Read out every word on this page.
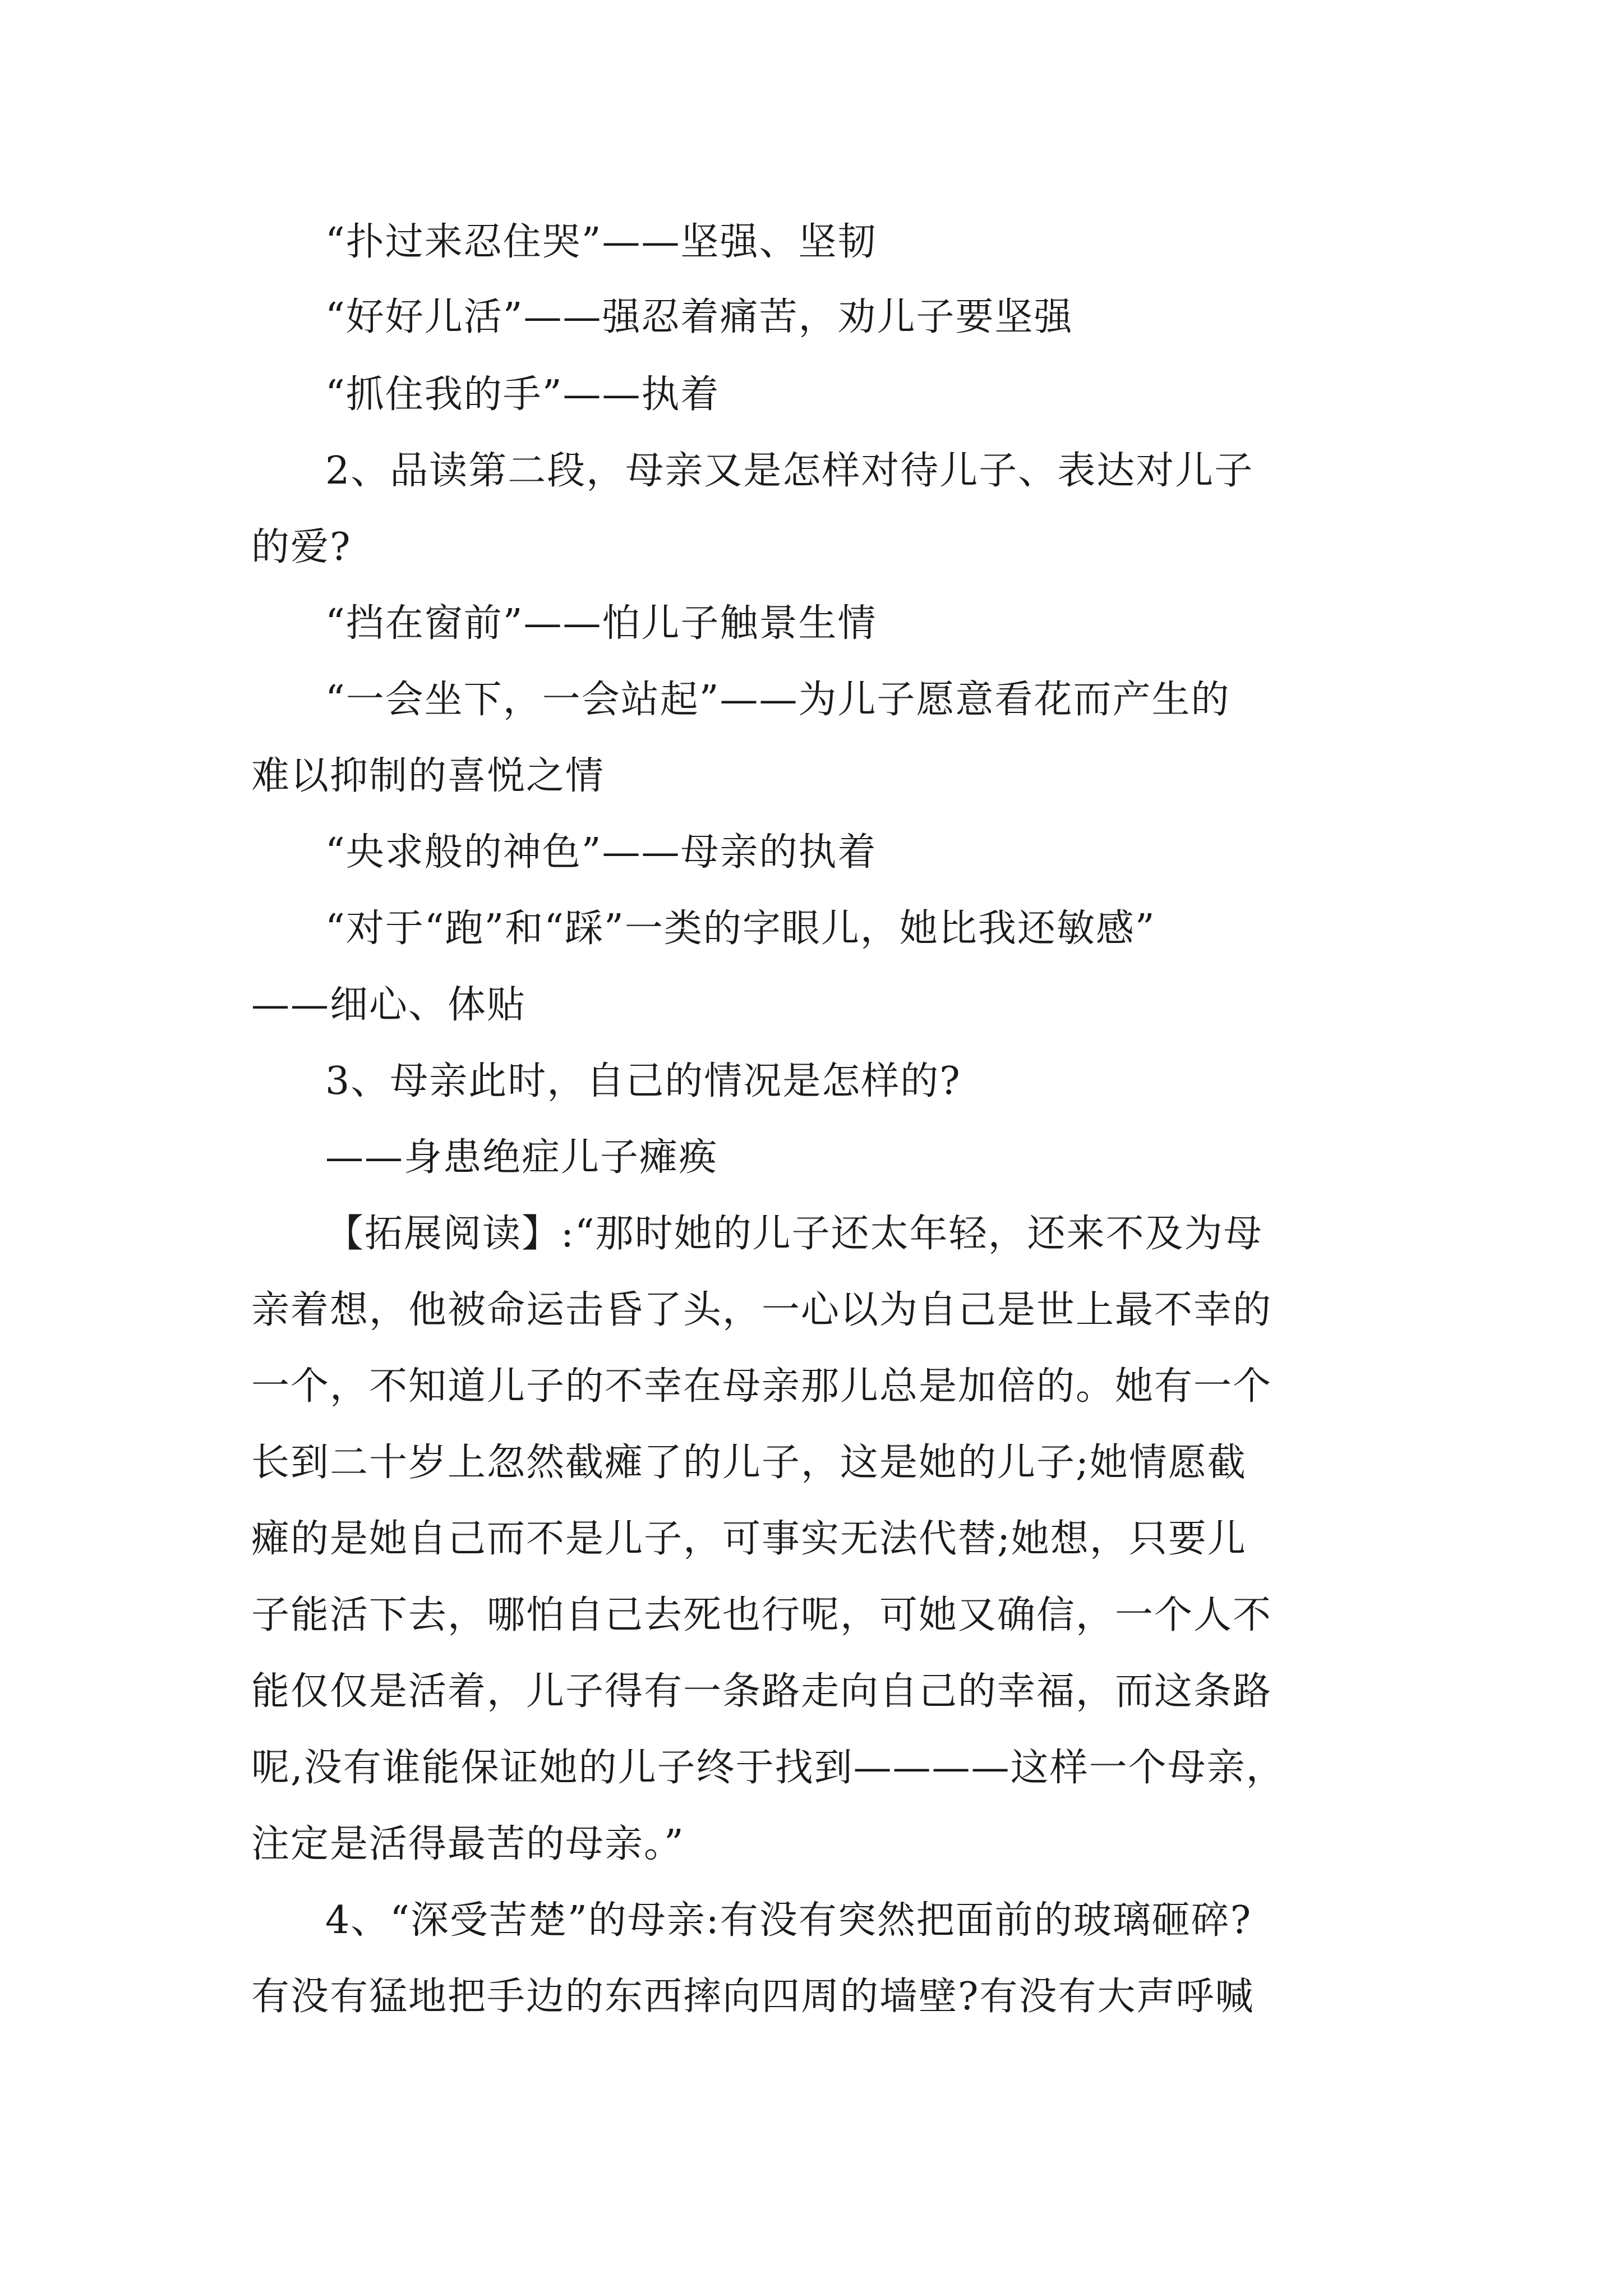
“扑过来忍住哭”——坚强、坚韧
“好好儿活”——强忍着痛苦，劝儿子要坚强
“抓住我的手”——执着
2、品读第二段，母亲又是怎样对待儿子、表达对儿子
的爱?
“挡在窗前”——怕儿子触景生情
“一会坐下，一会站起”——为儿子愿意看花而产生的
难以抑制的喜悦之情
“央求般的神色”——母亲的执着
“对于“跑”和“踩”一类的字眼儿，她比我还敏感”
——细心、体贴
3、母亲此时，自己的情况是怎样的?
——身患绝症儿子瘫痪
【拓展阅读】:“那时她的儿子还太年轻，还来不及为母
亲着想，他被命运击昏了头，一心以为自己是世上最不幸的
一个，不知道儿子的不幸在母亲那儿总是加倍的。她有一个
长到二十岁上忽然截瘫了的儿子，这是她的儿子;她情愿截
瘫的是她自己而不是儿子，可事实无法代替;她想，只要儿
子能活下去，哪怕自己去死也行呢，可她又确信，一个人不
能仅仅是活着，儿子得有一条路走向自己的幸福，而这条路
呢,没有谁能保证她的儿子终于找到————这样一个母亲，
注定是活得最苦的母亲。”
4、“深受苦楚”的母亲:有没有突然把面前的玻璃砸碎?
有没有猛地把手边的东西摔向四周的墙壁?有没有大声呼喊
